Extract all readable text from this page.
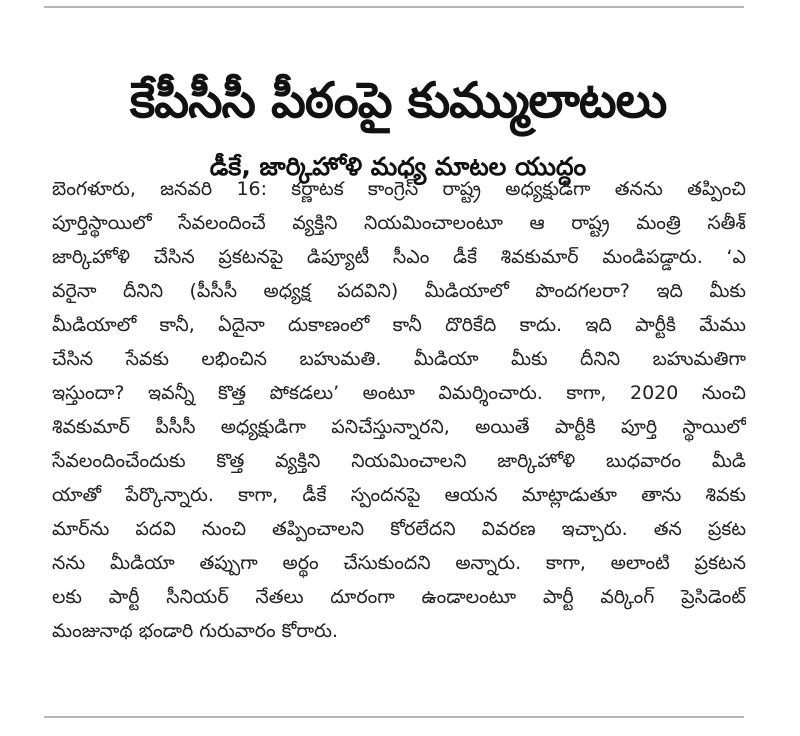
కేపీసీసీ పీఠంపై కుమ్ములాటలు
డీకే, జార్కిహోళి మధ్య మాటల యుద్ధం
బెంగళూరు, జనవరి 16: కర్ణాటక కాంగ్రెస్ రాష్ట్ర అధ్యక్షుడిగా తనను తప్పించి
పూర్తిస్థాయిలో సేవలందించే వ్యక్తిని నియమించాలంటూ ఆ రాష్ట్ర మంత్రి సతీశ్
జార్కిహోళి చేసిన ప్రకటనపై డిప్యూటీ సీఎం డీకే శివకుమార్ మండిపడ్డారు. ‘ఎ
వరైనా దీనిని (పీసీసీ అధ్యక్ష పదవిని) మీడియాలో పొందగలరా? ఇది మీకు
మీడియాలో కానీ, ఏదైనా దుకాణంలో కానీ దొరికేది కాదు. ఇది పార్టీకి మేము
చేసిన సేవకు లభించిన బహుమతి. మీడియా మీకు దీనిని బహుమతిగా
ఇస్తుందా? ఇవన్నీ కొత్త పోకడలు’ అంటూ విమర్శించారు. కాగా, 2020 నుంచి
శివకుమార్ పీసీసీ అధ్యక్షుడిగా పనిచేస్తున్నారని, అయితే పార్టీకి పూర్తి స్థాయిలో
సేవలందించేందుకు కొత్త వ్యక్తిని నియమించాలని జార్కిహోళి బుధవారం మీడి
యాతో పేర్కొన్నారు. కాగా, డీకే స్పందనపై ఆయన మాట్లాడుతూ తాను శివకు
మార్‌ను పదవి నుంచి తప్పించాలని కోరలేదని వివరణ ఇచ్చారు. తన ప్రకట
నను మీడియా తప్పుగా అర్థం చేసుకుందని అన్నారు. కాగా, అలాంటి ప్రకటన
లకు పార్టీ సీనియర్ నేతలు దూరంగా ఉండాలంటూ పార్టీ వర్కింగ్ ప్రెసిడెంట్
మంజునాథ భండారి గురువారం కోరారు.
